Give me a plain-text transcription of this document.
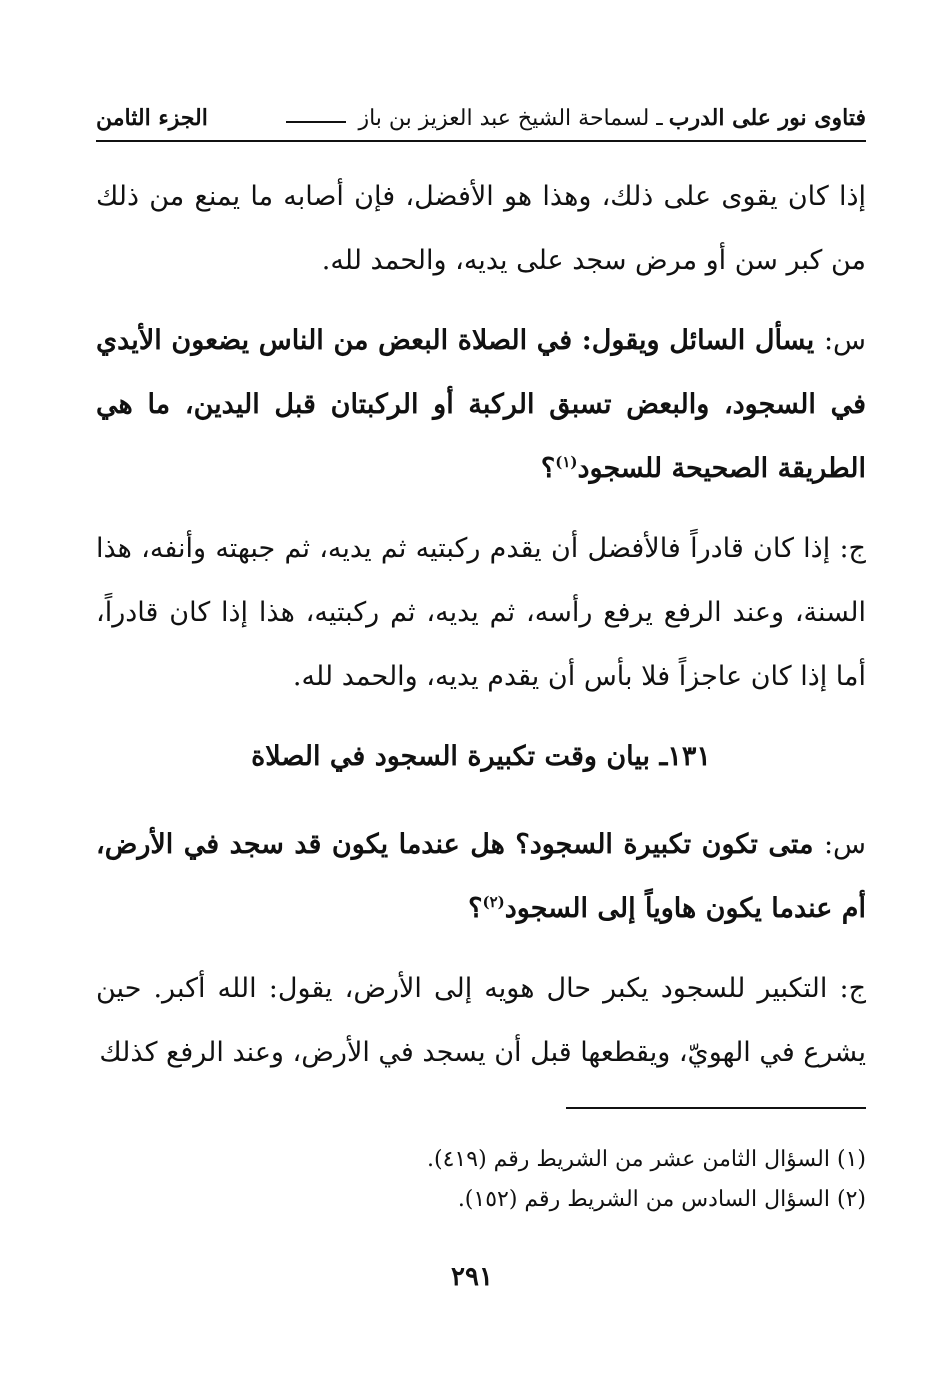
فتاوى نور على الدرب
ـ لسماحة الشيخ عبد العزيز بن باز
الجزء الثامن

إذا كان يقوى على ذلك، وهذا هو الأفضل، فإن أصابه ما يمنع من ذلك من كبر سن أو مرض سجد على يديه، والحمد لله.

س: يسأل السائل ويقول: في الصلاة البعض من الناس يضعون الأيدي في السجود، والبعض تسبق الركبة أو الركبتان قبل اليدين، ما هي الطريقة الصحيحة للسجود$^{(١)}$؟

ج: إذا كان قادراً فالأفضل أن يقدم ركبتيه ثم يديه، ثم جبهته وأنفه، هذا السنة، وعند الرفع يرفع رأسه، ثم يديه، ثم ركبتيه، هذا إذا كان قادراً، أما إذا كان عاجزاً فلا بأس أن يقدم يديه، والحمد لله.

١٣١ـ بيان وقت تكبيرة السجود في الصلاة

س: متى تكون تكبيرة السجود؟ هل عندما يكون قد سجد في الأرض، أم عندما يكون هاوياً إلى السجود$^{(٢)}$؟

ج: التكبير للسجود يكبر حال هويه إلى الأرض، يقول: الله أكبر. حين يشرع في الهويّ، ويقطعها قبل أن يسجد في الأرض، وعند الرفع كذلك

(١) السؤال الثامن عشر من الشريط رقم (٤١٩).
(٢) السؤال السادس من الشريط رقم (١٥٢).
٢٩١
